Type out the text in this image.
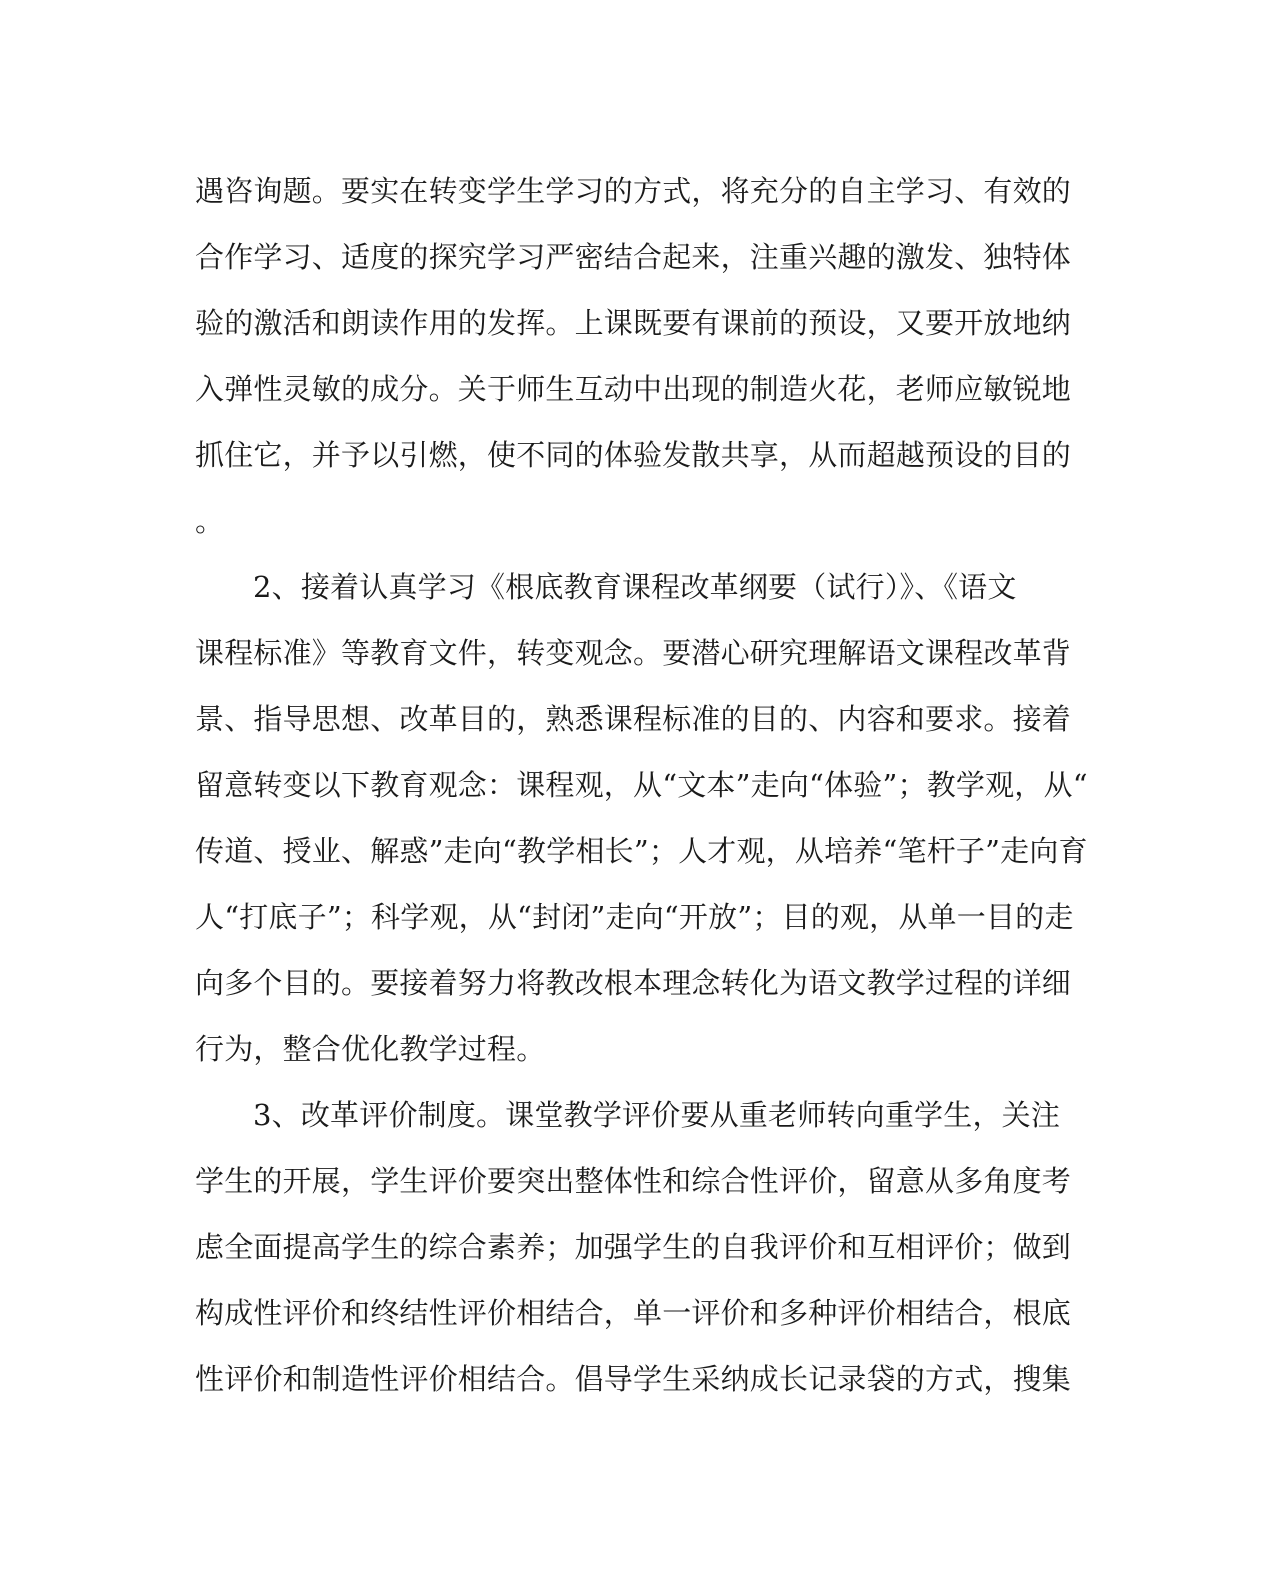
遇咨询题。要实在转变学生学习的方式，将充分的自主学习、有效的
合作学习、适度的探究学习严密结合起来，注重兴趣的激发、独特体
验的激活和朗读作用的发挥。上课既要有课前的预设，又要开放地纳
入弹性灵敏的成分。关于师生互动中出现的制造火花，老师应敏锐地
抓住它，并予以引燃，使不同的体验发散共享，从而超越预设的目的
。
2、接着认真学习《根底教育课程改革纲要（试行）》、《语文
课程标准》等教育文件，转变观念。要潜心研究理解语文课程改革背
景、指导思想、改革目的，熟悉课程标准的目的、内容和要求。接着
留意转变以下教育观念：课程观，从“文本”走向“体验”；教学观，从“
传道、授业、解惑”走向“教学相长”；人才观，从培养“笔杆子”走向育
人“打底子”；科学观，从“封闭”走向“开放”；目的观，从单一目的走
向多个目的。要接着努力将教改根本理念转化为语文教学过程的详细
行为，整合优化教学过程。
3、改革评价制度。课堂教学评价要从重老师转向重学生，关注
学生的开展，学生评价要突出整体性和综合性评价，留意从多角度考
虑全面提高学生的综合素养；加强学生的自我评价和互相评价；做到
构成性评价和终结性评价相结合，单一评价和多种评价相结合，根底
性评价和制造性评价相结合。倡导学生采纳成长记录袋的方式，搜集
